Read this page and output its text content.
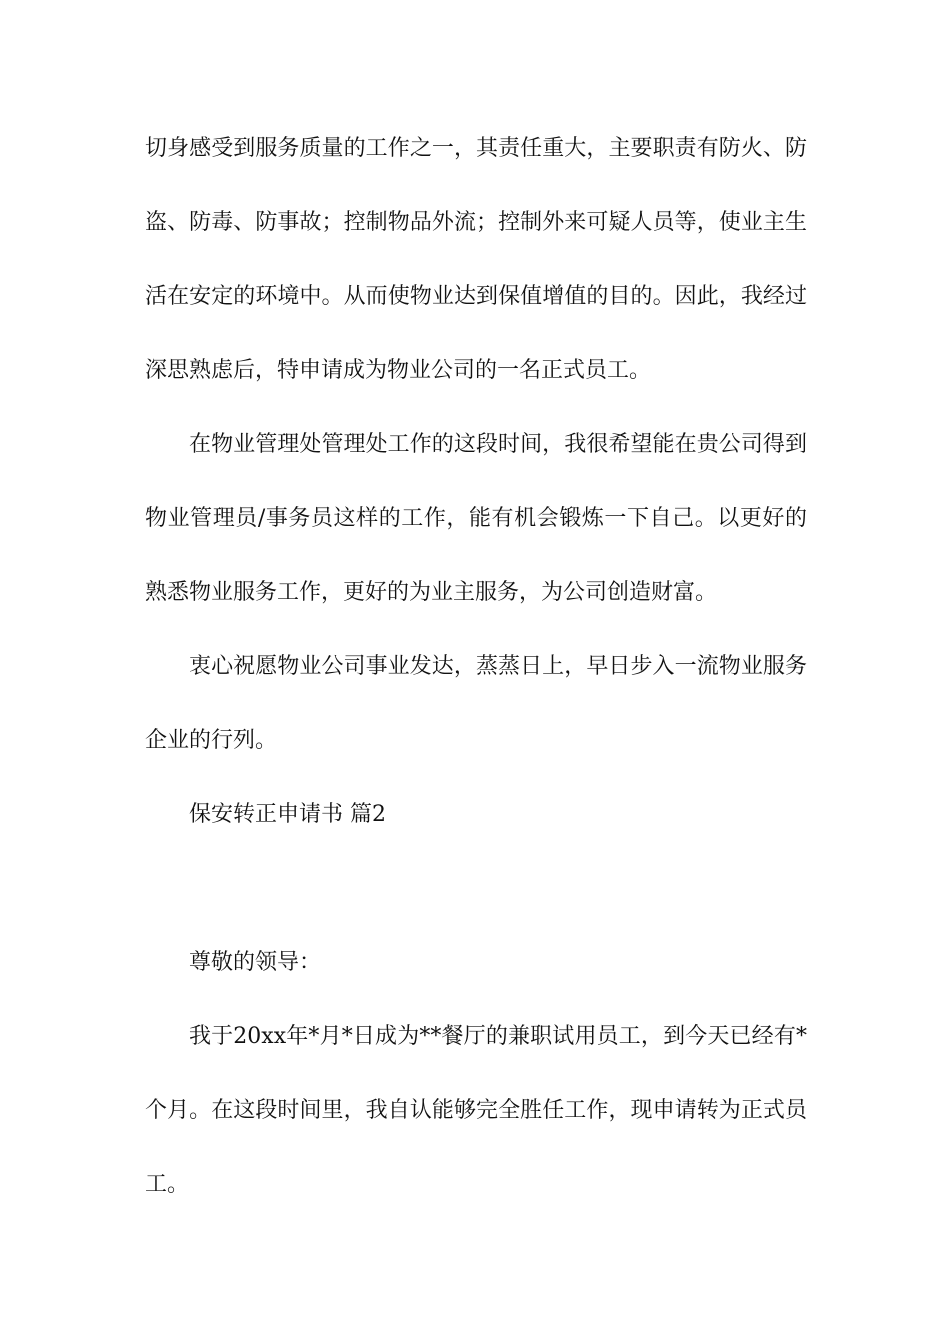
切身感受到服务质量的工作之一，其责任重大，主要职责有防火、防盗、防毒、防事故；控制物品外流；控制外来可疑人员等，使业主生活在安定的环境中。从而使物业达到保值增值的目的。因此，我经过深思熟虑后，特申请成为物业公司的一名正式员工。

在物业管理处管理处工作的这段时间，我很希望能在贵公司得到物业管理员/事务员这样的工作，能有机会锻炼一下自己。以更好的熟悉物业服务工作，更好的为业主服务，为公司创造财富。

衷心祝愿物业公司事业发达，蒸蒸日上，早日步入一流物业服务企业的行列。

保安转正申请书 篇2

尊敬的领导：

我于20xx年*月*日成为**餐厅的兼职试用员工，到今天已经有*个月。在这段时间里，我自认能够完全胜任工作，现申请转为正式员工。
